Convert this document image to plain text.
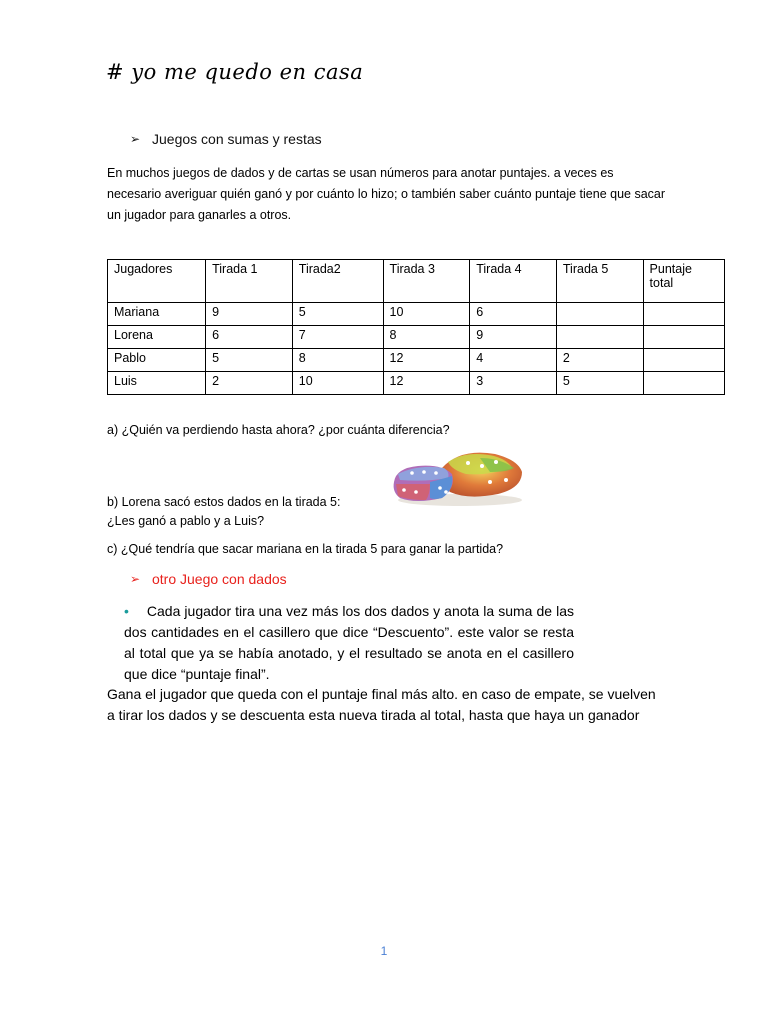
# yo me quedo en casa
➢ Juegos con sumas y restas
En muchos juegos de dados y de cartas se usan números para anotar puntajes. a veces es necesario averiguar quién ganó y por cuánto lo hizo; o también saber cuánto puntaje tiene que sacar un jugador para ganarles a otros.
Jugadores	Tirada 1	Tirada2	Tirada 3	Tirada 4	Tirada 5	Puntaje total
Mariana	9	5	10	6		
Lorena	6	7	8	9		
Pablo	5	8	12	4	2	
Luis	2	10	12	3	5	
a) ¿Quién va perdiendo hasta ahora? ¿por cuánta diferencia?
b) Lorena sacó estos dados en la tirada 5:
¿Les ganó a pablo y a Luis?
c) ¿Qué tendría que sacar mariana en la tirada 5 para ganar la partida?
➢ otro Juego con dados
• Cada jugador tira una vez más los dos dados y anota la suma de las dos cantidades en el casillero que dice “Descuento”. este valor se resta al total que ya se había anotado, y el resultado se anota en el casillero que dice “puntaje final”.
Gana el jugador que queda con el puntaje final más alto. en caso de empate, se vuelven a tirar los dados y se descuenta esta nueva tirada al total, hasta que haya un ganador
1
